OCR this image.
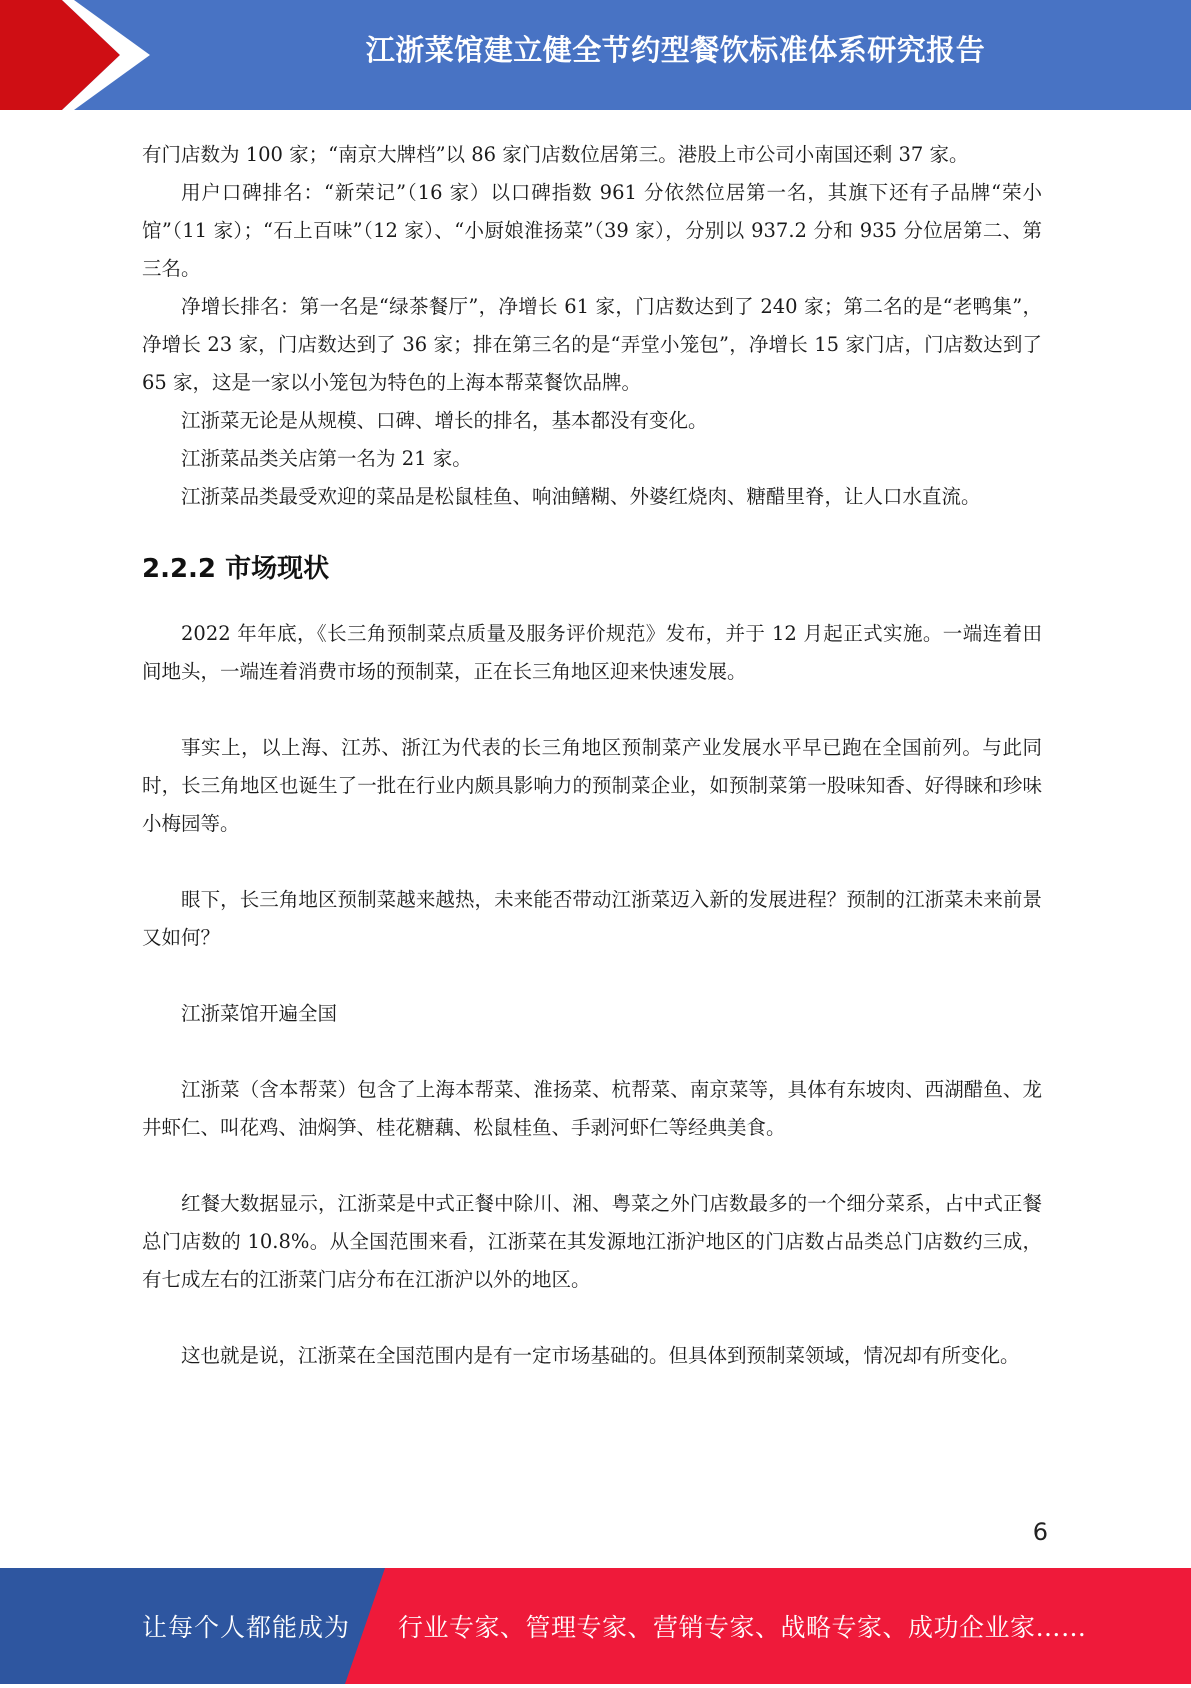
江浙菜馆建立健全节约型餐饮标准体系研究报告

有门店数为 100 家；“南京大牌档”以 86 家门店数位居第三。港股上市公司小南国还剩 37 家。

用户口碑排名：“新荣记”（16 家）以口碑指数 961 分依然位居第一名，其旗下还有子品牌“荣小馆”（11 家）；“石上百味”（12 家）、“小厨娘淮扬菜”（39 家），分别以 937.2 分和 935 分位居第二、第三名。

净增长排名：第一名是“绿茶餐厅”，净增长 61 家，门店数达到了 240 家；第二名的是“老鸭集”，净增长 23 家，门店数达到了 36 家；排在第三名的是“弄堂小笼包”，净增长 15 家门店，门店数达到了 65 家，这是一家以小笼包为特色的上海本帮菜餐饮品牌。

江浙菜无论是从规模、口碑、增长的排名，基本都没有变化。

江浙菜品类关店第一名为 21 家。

江浙菜品类最受欢迎的菜品是松鼠桂鱼、响油鳝糊、外婆红烧肉、糖醋里脊，让人口水直流。

2.2.2 市场现状

2022 年年底，《长三角预制菜点质量及服务评价规范》发布，并于 12 月起正式实施。一端连着田间地头，一端连着消费市场的预制菜，正在长三角地区迎来快速发展。

事实上，以上海、江苏、浙江为代表的长三角地区预制菜产业发展水平早已跑在全国前列。与此同时，长三角地区也诞生了一批在行业内颇具影响力的预制菜企业，如预制菜第一股味知香、好得睐和珍味小梅园等。

眼下，长三角地区预制菜越来越热，未来能否带动江浙菜迈入新的发展进程？预制的江浙菜未来前景又如何？

江浙菜馆开遍全国

江浙菜（含本帮菜）包含了上海本帮菜、淮扬菜、杭帮菜、南京菜等，具体有东坡肉、西湖醋鱼、龙井虾仁、叫花鸡、油焖笋、桂花糖藕、松鼠桂鱼、手剥河虾仁等经典美食。

红餐大数据显示，江浙菜是中式正餐中除川、湘、粤菜之外门店数最多的一个细分菜系，占中式正餐总门店数的 10.8%。从全国范围来看，江浙菜在其发源地江浙沪地区的门店数占品类总门店数约三成，有七成左右的江浙菜门店分布在江浙沪以外的地区。

这也就是说，江浙菜在全国范围内是有一定市场基础的。但具体到预制菜领域，情况却有所变化。

6
让每个人都能成为 行业专家、管理专家、营销专家、战略专家、成功企业家……
